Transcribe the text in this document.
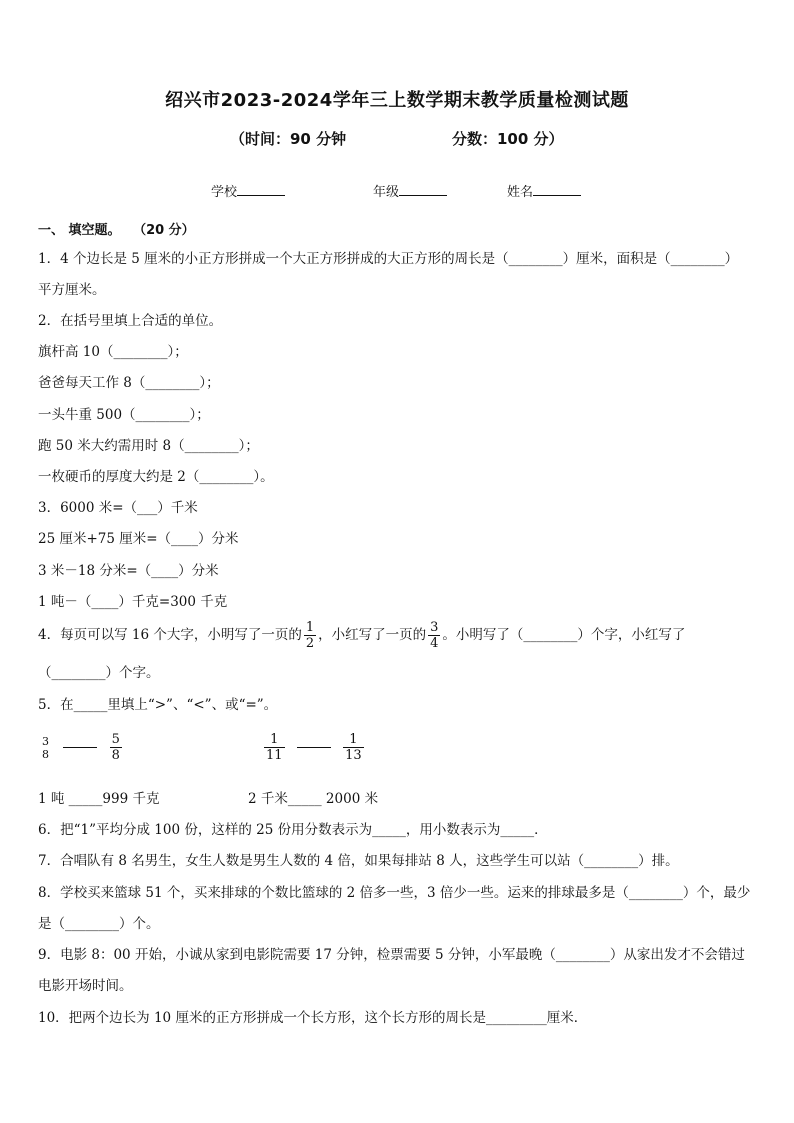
绍兴市2023-2024学年三上数学期末教学质量检测试题
（时间：90 分钟	分数：100 分）
学校	年级	姓名
一、 填空题。 （20 分）
1．4 个边长是 5 厘米的小正方形拼成一个大正方形拼成的大正方形的周长是（________）厘米，面积是（________）
平方厘米。
2．在括号里填上合适的单位。
旗杆高 10（________）；
爸爸每天工作 8（________）；
一头牛重 500（________）；
跑 50 米大约需用时 8（________）；
一枚硬币的厚度大约是 2（________）。
3．6000 米=（___）千米
25 厘米+75 厘米=（____）分米
3 米－18 分米=（____）分米
1 吨－（____）千克=300 千克
4．每页可以写 16 个大字，小明写了一页的 $\frac{1}{2}$ ，小红写了一页的 $\frac{3}{4}$ 。小明写了（________）个字，小红写了
（________）个字。
5．在_____里填上“>”、“<”、或“=”。
3
8
	$\frac{5}{8}$	$\frac{1}{11}$
	$\frac{1}{13}$
1 吨 _____999 千克	2 千米_____ 2000 米
6．把“1”平均分成 100 份，这样的 25 份用分数表示为_____，用小数表示为_____．
7．合唱队有 8 名男生，女生人数是男生人数的 4 倍，如果每排站 8 人，这些学生可以站（________）排。
8．学校买来篮球 51 个，买来排球的个数比篮球的 2 倍多一些，3 倍少一些。运来的排球最多是（________）个，最少
是（________）个。
9．电影 8：00 开始，小诚从家到电影院需要 17 分钟，检票需要 5 分钟，小军最晚（________）从家出发才不会错过
电影开场时间。
10．把两个边长为 10 厘米的正方形拼成一个长方形，这个长方形的周长是_________厘米．
